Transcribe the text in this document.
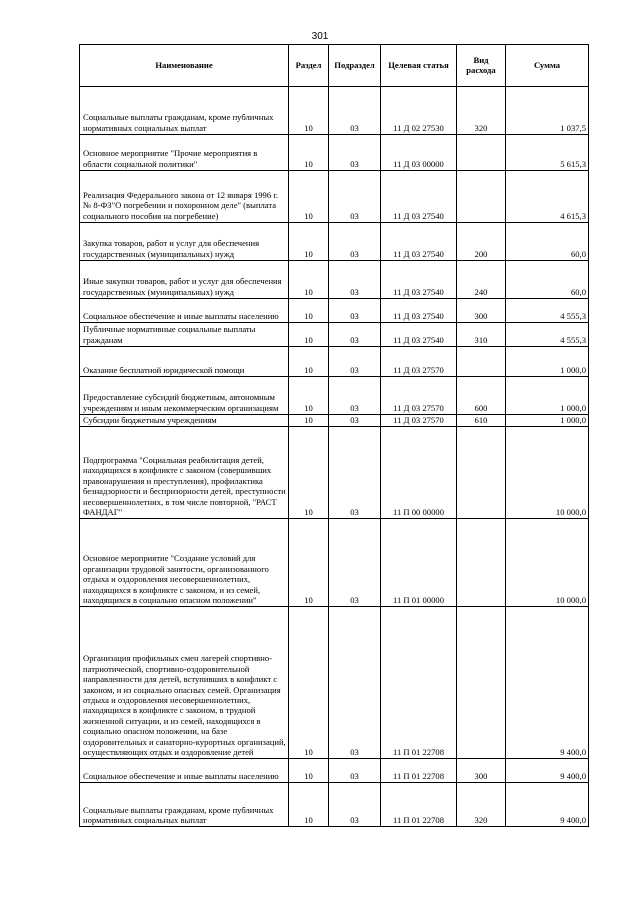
301
Наименование	Раздел	Подраздел	Целевая статья	Вид расхода	Сумма
Социальные выплаты гражданам, кроме публичных нормативных социальных выплат	10	03	11 Д 02 27530	320	1 037,5
Основное мероприятие "Прочие мероприятия в области социальной политики"	10	03	11 Д 03 00000		5 615,3
Реализация Федерального закона от 12 января 1996 г. № 8-ФЗ"О погребении и похоронном деле" (выплата социального пособия на погребение)	10	03	11 Д 03 27540		4 615,3
Закупка товаров, работ и услуг для обеспечения государственных (муниципальных) нужд	10	03	11 Д 03 27540	200	60,0
Иные закупки товаров, работ и услуг для обеспечения государственных (муниципальных) нужд	10	03	11 Д 03 27540	240	60,0
Социальное обеспечение и иные выплаты населению	10	03	11 Д 03 27540	300	4 555,3
Публичные нормативные социальные выплаты гражданам	10	03	11 Д 03 27540	310	4 555,3
Оказание бесплатной юридической помощи	10	03	11 Д 03 27570		1 000,0
Предоставление субсидий бюджетным, автономным учреждениям и иным некоммерческим организациям	10	03	11 Д 03 27570	600	1 000,0
Субсидии бюджетным учреждениям	10	03	11 Д 03 27570	610	1 000,0
Подпрограмма "Социальная реабилитация детей, находящихся в конфликте с законом (совершивших правонарушения и преступления), профилактика безнадзорности и беспризорности детей, преступности несовершеннолетних, в том числе повторной, "РАСТ ФАНДАГ"	10	03	11 П 00 00000		10 000,0
Основное мероприятие "Создание условий для организации трудовой занятости, организованного отдыха и оздоровления несовершеннолетних, находящихся в конфликте с законом, и из семей, находящихся в социально опасном положении"	10	03	11 П 01 00000		10 000,0
Организация профильных смен лагерей спортивно-патриотической, спортивно-оздоровительной направленности для детей, вступивших в конфликт с законом, и из социально опасных семей. Организация отдыха и оздоровления несовершеннолетних, находящихся в конфликте с законом, в трудной жизненной ситуации, и из семей, находящихся в социально опасном положении, на базе оздоровительных и санаторно-курортных организаций, осуществляющих отдых и оздоровление детей	10	03	11 П 01 22708		9 400,0
Социальное обеспечение и иные выплаты населению	10	03	11 П 01 22708	300	9 400,0
Социальные выплаты гражданам, кроме публичных нормативных социальных выплат	10	03	11 П 01 22708	320	9 400,0
